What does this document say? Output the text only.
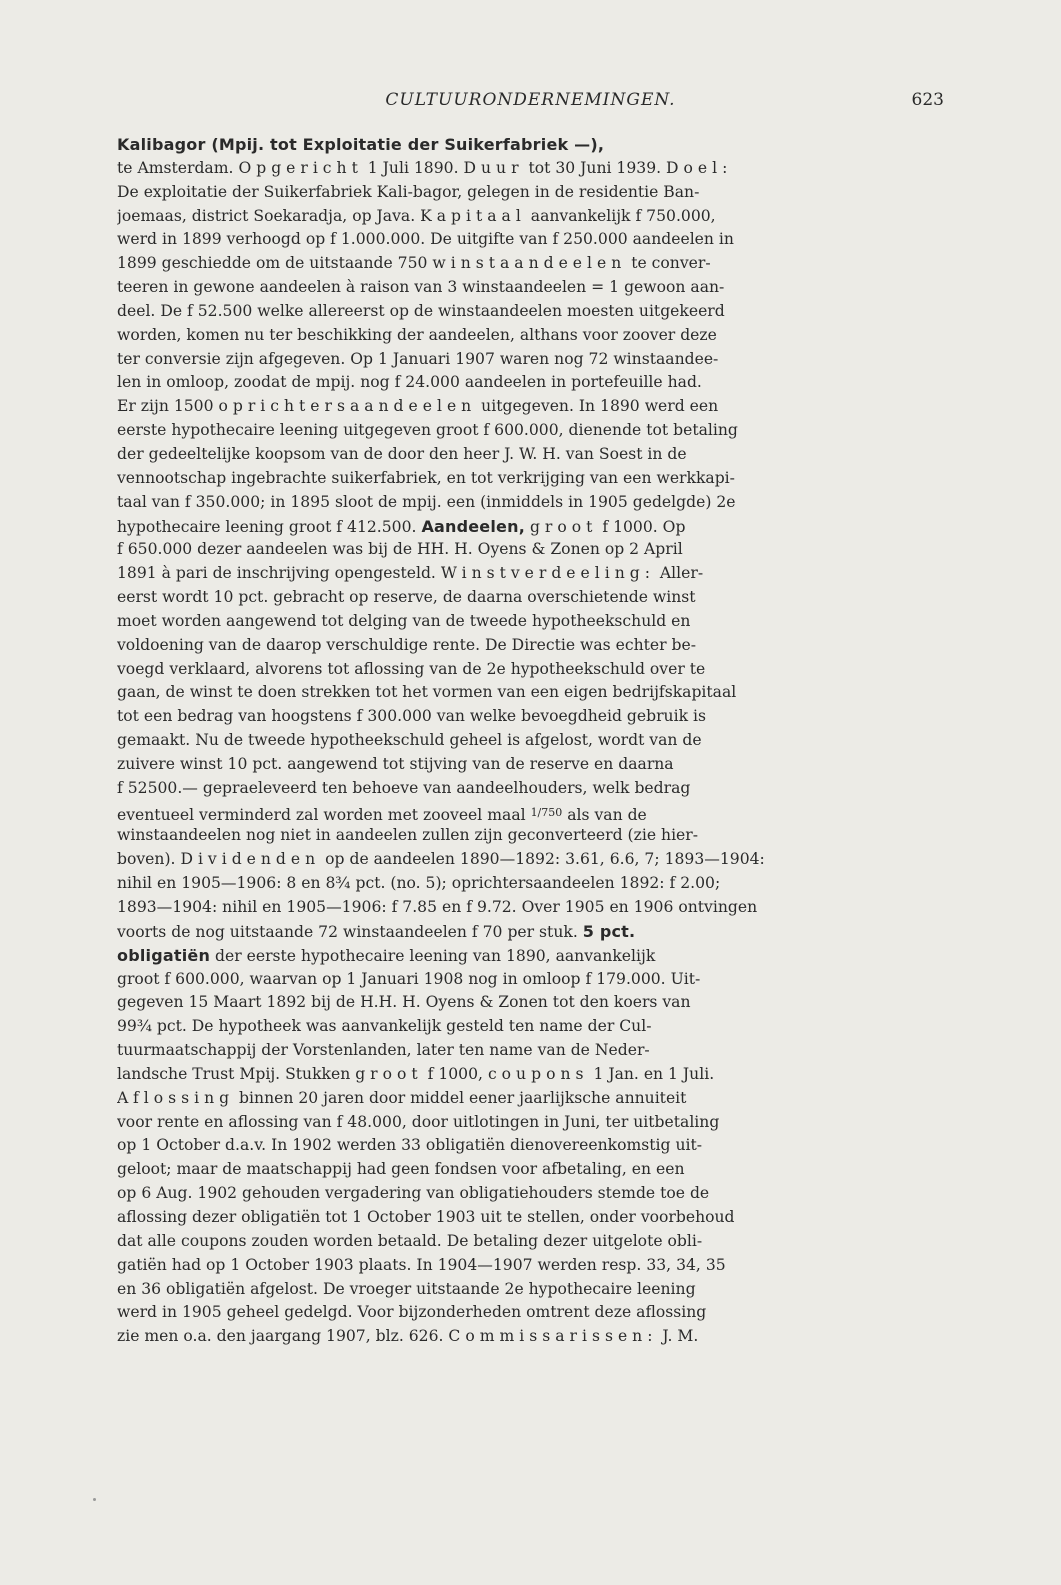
CULTUURONDERNEMINGEN.	623
Kalibagor (Mpij. tot Exploitatie der Suikerfabriek —),
te Amsterdam. Opgericht 1 Juli 1890. Duur tot 30 Juni 1939. Doel:
De exploitatie der Suikerfabriek Kali-bagor, gelegen in de residentie Ban-
joemaas, district Soekaradja, op Java. Kapitaal aanvankelijk f 750.000,
werd in 1899 verhoogd op f 1.000.000. De uitgifte van f 250.000 aandeelen in
1899 geschiedde om de uitstaande 750 winstaandeelen te conver-
teeren in gewone aandeelen à raison van 3 winstaandeelen = 1 gewoon aan-
deel. De f 52.500 welke allereerst op de winstaandeelen moesten uitgekeerd
worden, komen nu ter beschikking der aandeelen, althans voor zoover deze
ter conversie zijn afgegeven. Op 1 Januari 1907 waren nog 72 winstaandee-
len in omloop, zoodat de mpij. nog f 24.000 aandeelen in portefeuille had.
Er zijn 1500 oprichtersaandeelen uitgegeven. In 1890 werd een
eerste hypothecaire leening uitgegeven groot f 600.000, dienende tot betaling
der gedeeltelijke koopsom van de door den heer J. W. H. van Soest in de
vennootschap ingebrachte suikerfabriek, en tot verkrijging van een werkkapi-
taal van f 350.000; in 1895 sloot de mpij. een (inmiddels in 1905 gedelgde) 2e
hypothecaire leening groot f 412.500. Aandeelen, groot f 1000. Op
f 650.000 dezer aandeelen was bij de HH. H. Oyens & Zonen op 2 April
1891 à pari de inschrijving opengesteld. Winstverdeeling: Aller-
eerst wordt 10 pct. gebracht op reserve, de daarna overschietende winst
moet worden aangewend tot delging van de tweede hypotheekschuld en
voldoening van de daarop verschuldige rente. De Directie was echter be-
voegd verklaard, alvorens tot aflossing van de 2e hypotheekschuld over te
gaan, de winst te doen strekken tot het vormen van een eigen bedrijfskapitaal
tot een bedrag van hoogstens f 300.000 van welke bevoegdheid gebruik is
gemaakt. Nu de tweede hypotheekschuld geheel is afgelost, wordt van de
zuivere winst 10 pct. aangewend tot stijving van de reserve en daarna
f 52500.— gepraeleveerd ten behoeve van aandeelhouders, welk bedrag
eventueel verminderd zal worden met zooveel maal $^{1/750}$ als van de
winstaandeelen nog niet in aandeelen zullen zijn geconverteerd (zie hier-
boven). Dividenden op de aandeelen 1890—1892: 3.61, 6.6, 7; 1893—1904:
nihil en 1905—1906: 8 en 8¾ pct. (no. 5); oprichtersaandeelen 1892: f 2.00;
1893—1904: nihil en 1905—1906: f 7.85 en f 9.72. Over 1905 en 1906 ontvingen
voorts de nog uitstaande 72 winstaandeelen f 70 per stuk. 5 pct.
obligatiën der eerste hypothecaire leening van 1890, aanvankelijk
groot f 600.000, waarvan op 1 Januari 1908 nog in omloop f 179.000. Uit-
gegeven 15 Maart 1892 bij de H.H. H. Oyens & Zonen tot den koers van
99¾ pct. De hypotheek was aanvankelijk gesteld ten name der Cul-
tuurmaatschappij der Vorstenlanden, later ten name van de Neder-
landsche Trust Mpij. Stukken groot f 1000, coupons 1 Jan. en 1 Juli.
Aflossing binnen 20 jaren door middel eener jaarlijksche annuiteit
voor rente en aflossing van f 48.000, door uitlotingen in Juni, ter uitbetaling
op 1 October d.a.v. In 1902 werden 33 obligatiën dienovereenkomstig uit-
geloot; maar de maatschappij had geen fondsen voor afbetaling, en een
op 6 Aug. 1902 gehouden vergadering van obligatiehouders stemde toe de
aflossing dezer obligatiën tot 1 October 1903 uit te stellen, onder voorbehoud
dat alle coupons zouden worden betaald. De betaling dezer uitgelote obli-
gatiën had op 1 October 1903 plaats. In 1904—1907 werden resp. 33, 34, 35
en 36 obligatiën afgelost. De vroeger uitstaande 2e hypothecaire leening
werd in 1905 geheel gedelgd. Voor bijzonderheden omtrent deze aflossing
zie men o.a. den jaargang 1907, blz. 626. Commissarissen: J. M.
